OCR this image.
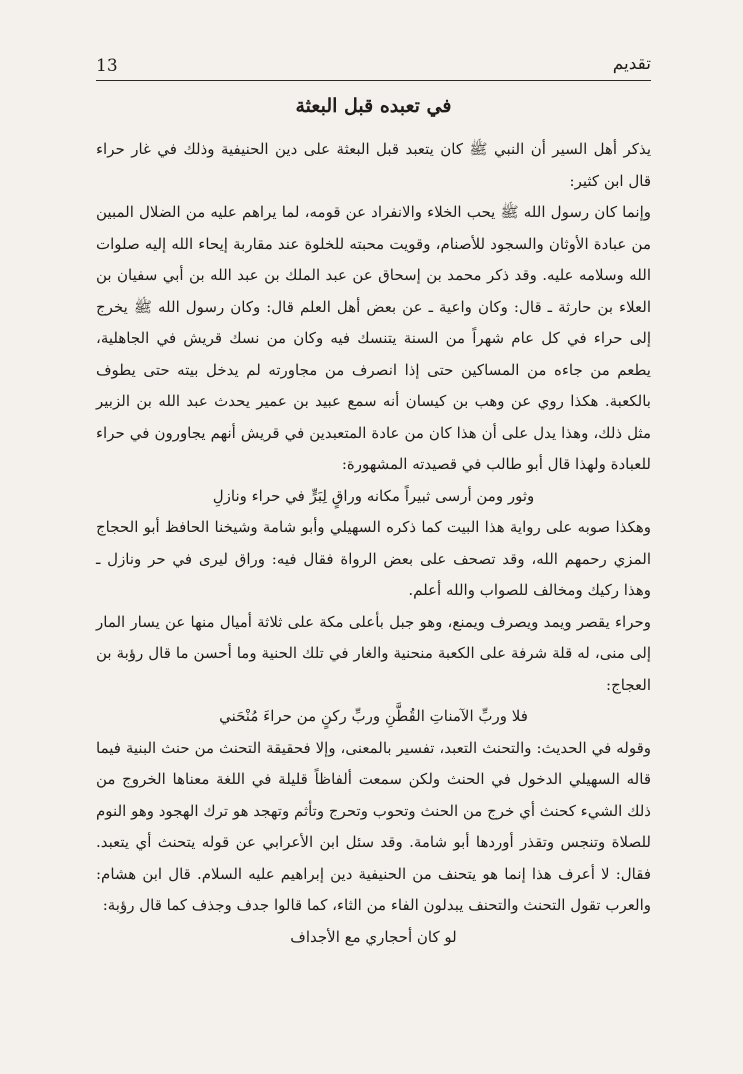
13	تقديم
في تعبده قبل البعثة

يذكر أهل السير أن النبي ﷺ كان يتعبد قبل البعثة على دين الحنيفية وذلك في غار حراء قال ابن كثير:

وإنما كان رسول الله ﷺ يحب الخلاء والانفراد عن قومه، لما يراهم عليه من الضلال المبين من عبادة الأوثان والسجود للأصنام، وقويت محبته للخلوة عند مقاربة إيحاء الله إليه صلوات الله وسلامه عليه. وقد ذكر محمد بن إسحاق عن عبد الملك بن عبد الله بن أبي سفيان بن العلاء بن حارثة ـ قال: وكان واعية ـ عن بعض أهل العلم قال: وكان رسول الله ﷺ يخرج إلى حراء في كل عام شهراً من السنة يتنسك فيه وكان من نسك قريش في الجاهلية، يطعم من جاءه من المساكين حتى إذا انصرف من مجاورته لم يدخل بيته حتى يطوف بالكعبة. هكذا روي عن وهب بن كيسان أنه سمع عبيد بن عمير يحدث عبد الله بن الزبير مثل ذلك، وهذا يدل على أن هذا كان من عادة المتعبدين في قريش أنهم يجاورون في حراء للعبادة ولهذا قال أبو طالب في قصيدته المشهورة:

وثور ومن أرسى ثبيراً مكانه وراقٍ لِبَرٍّ في حراء ونازلِ

وهكذا صوبه على رواية هذا البيت كما ذكره السهيلي وأبو شامة وشيخنا الحافظ أبو الحجاج المزي رحمهم الله، وقد تصحف على بعض الرواة فقال فيه: وراق ليرى في حر ونازل ـ وهذا ركيك ومخالف للصواب والله أعلم.

وحراء يقصر ويمد ويصرف ويمنع، وهو جبل بأعلى مكة على ثلاثة أميال منها عن يسار المار إلى منى، له قلة شرفة على الكعبة منحنية والغار في تلك الحنية وما أحسن ما قال رؤبة بن العجاج:

فلا وربِّ الآمناتِ القُطَّنِ وربِّ ركنٍ من حراءَ مُنْحَني

وقوله في الحديث: والتحنث التعبد، تفسير بالمعنى، وإلا فحقيقة التحنث من حنث البنية فيما قاله السهيلي الدخول في الحنث ولكن سمعت ألفاظاً قليلة في اللغة معناها الخروج من ذلك الشيء كحنث أي خرج من الحنث وتحوب وتحرج وتأثم وتهجد هو ترك الهجود وهو النوم للصلاة وتنجس وتقذر أوردها أبو شامة. وقد سئل ابن الأعرابي عن قوله يتحنث أي يتعبد. فقال: لا أعرف هذا إنما هو يتحنف من الحنيفية دين إبراهيم عليه السلام. قال ابن هشام: والعرب تقول التحنث والتحنف يبدلون الفاء من الثاء، كما قالوا جدف وجذف كما قال رؤبة:

لو كان أحجاري مع الأجداف
